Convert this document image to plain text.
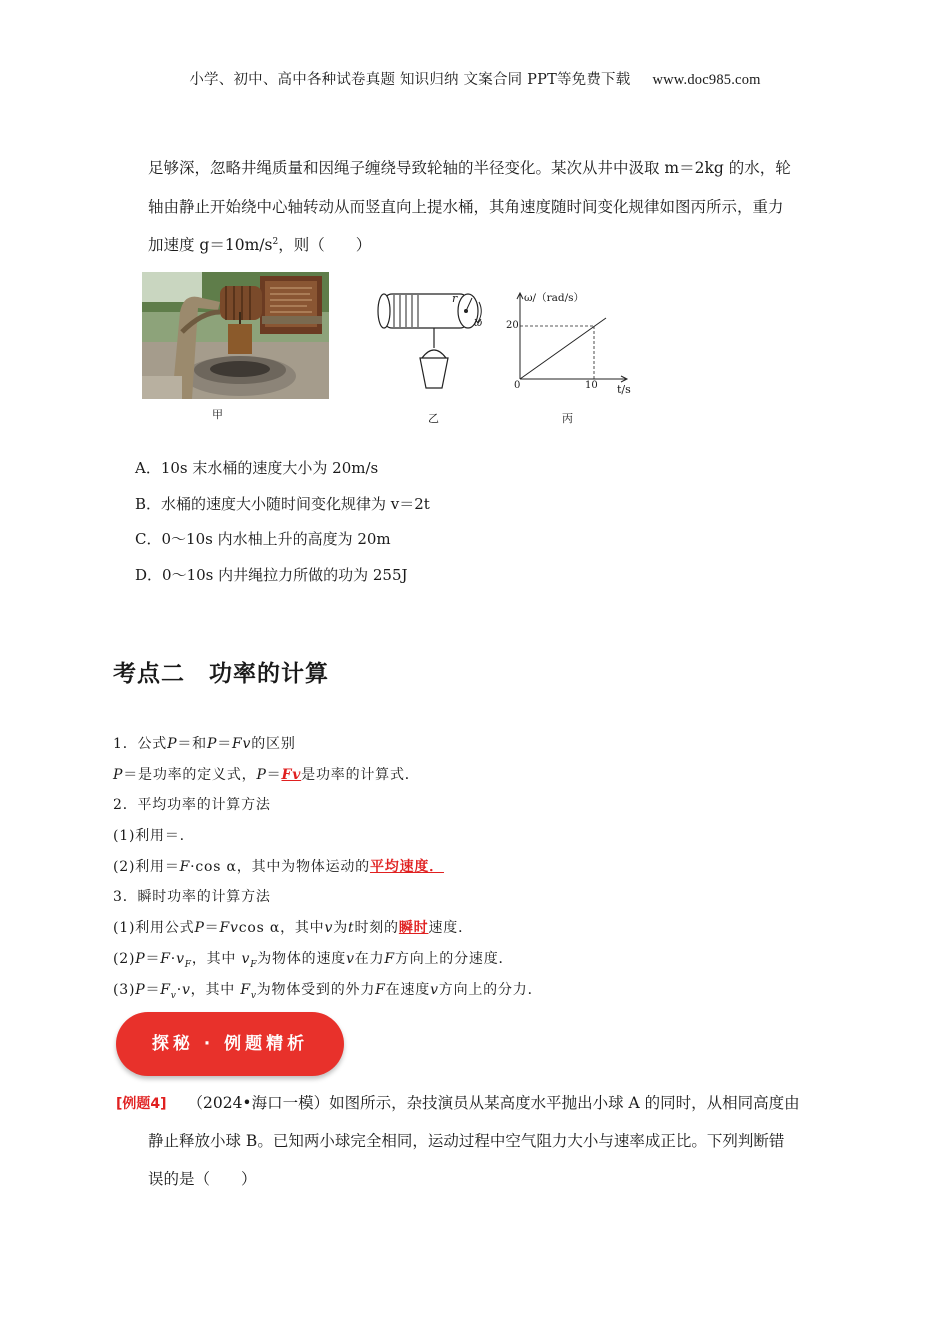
小学、初中、高中各种试卷真题 知识归纳 文案合同 PPT等免费下载 www.doc985.com
足够深，忽略井绳质量和因绳子缠绕导致轮轴的半径变化。某次从井中汲取 m＝2kg 的水，轮
轴由静止开始绕中心轴转动从而竖直向上提水桶，其角速度随时间变化规律如图丙所示，重力
加速度 $g=10m/s^2$，则（　　）
甲
r
ω
乙
ω/（rad/s）
t/s
0
20
10
丙
A．10s 末水桶的速度大小为 20m/s
B．水桶的速度大小随时间变化规律为 v＝2t
C．0～10s 内水柚上升的高度为 20m
D．0～10s 内井绳拉力所做的功为 255J
考点二 功率的计算
1．公式P＝和P＝Fv的区别
P＝是功率的定义式，P＝Fv是功率的计算式．
2．平均功率的计算方法
(1)利用＝.
(2)利用＝F·cos α，其中为物体运动的平均速度．
3．瞬时功率的计算方法
(1)利用公式P＝Fvcos α，其中v为t时刻的瞬时速度．
$(2)P=F\cdot v_F$，其中 $v_F$为物体的速度v在力F方向上的分速度．
$(3)P=F_v\cdot v$，其中 $F_v$为物体受到的外力F在速度v方向上的分力．
探秘 · 例题精析
[例题4] （2024•海口一模）如图所示，杂技演员从某高度水平抛出小球 A 的同时，从相同高度由
静止释放小球 B。已知两小球完全相同，运动过程中空气阻力大小与速率成正比。下列判断错
误的是（　　）
